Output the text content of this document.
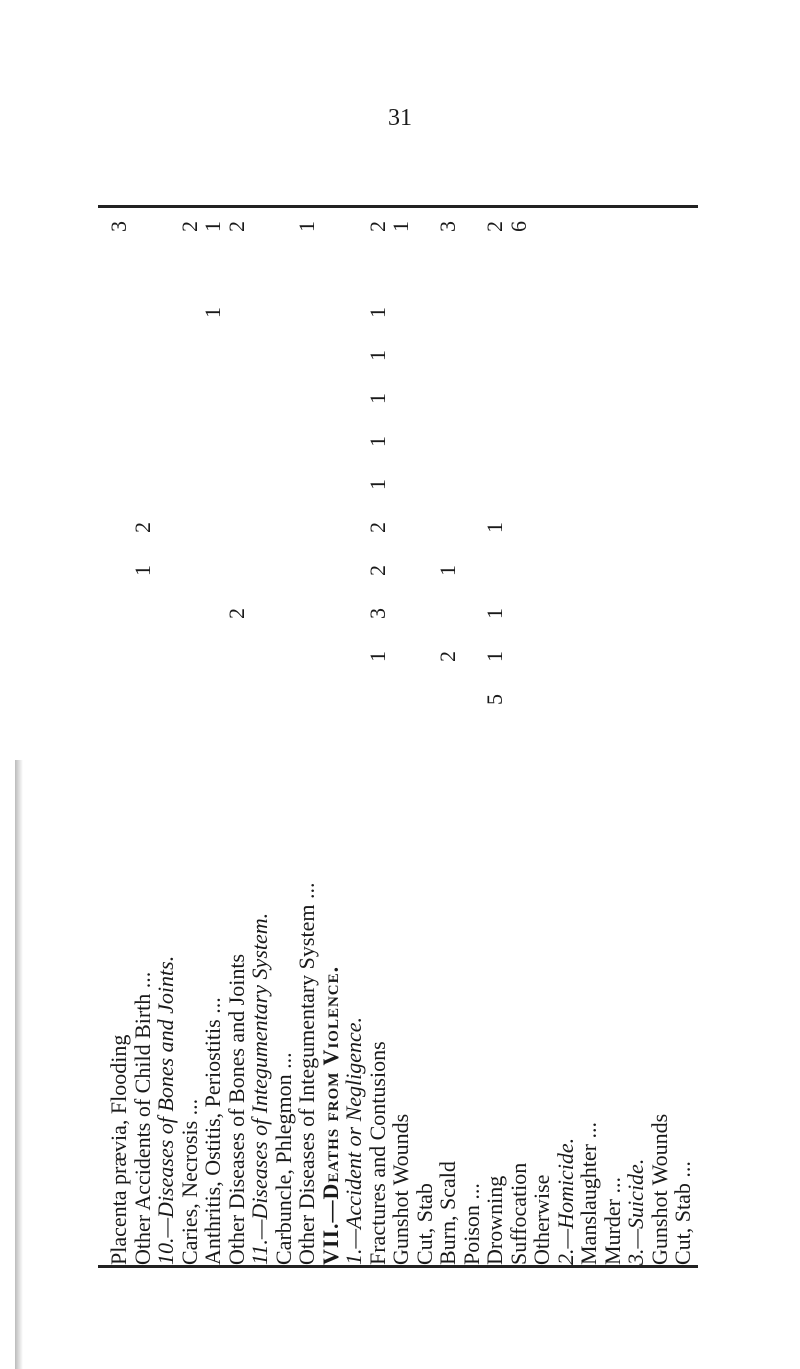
31
Placenta prævia, Flooding
3
Other Accidents of Child Birth ...
1
2
10.—Diseases of Bones and Joints.
Caries, Necrosis ...
2
Anthritis, Ostitis, Periostitis ...
1
1
Other Diseases of Bones and Joints
2
2
11.—Diseases of Integumentary System.
Carbuncle, Phlegmon ...
Other Diseases of Integumentary System ...
1
VII.—Deaths from Violence.
1.—Accident or Negligence.
Fractures and Contusions
1
3
2
2
1
1
1
1
1
2
Gunshot Wounds
1
Cut, Stab
Burn, Scald
2
1
3
Poison ...
Drowning
5
1
1
1
2
Suffocation
6
Otherwise
2.—Homicide.
Manslaughter ...
Murder ...
3.—Suicide.
Gunshot Wounds
Cut, Stab ...
